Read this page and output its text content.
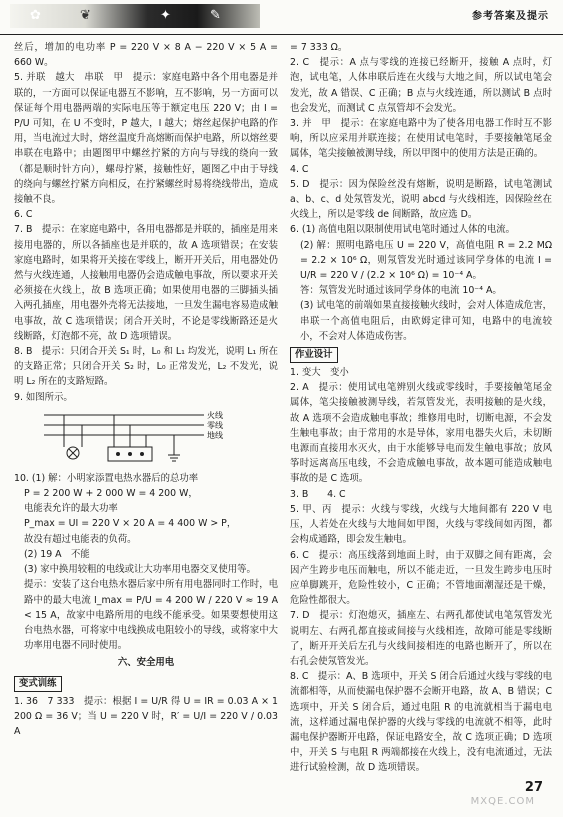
✿	❦	✦	✎	参考答案及提示

丝后，增加的电功率 P = 220 V × 8 A − 220 V × 5 A = 660 W。

5. 并联　越大　串联　甲　提示：家庭电路中各个用电器是并联的，一方面可以保证电器互不影响，互不影响，另一方面可以保证每个用电器两端的实际电压等于额定电压 220 V；由 I = P/U 可知，在 U 不变时，P 越大，I 越大；熔丝起保护电路的作用，当电流过大时，熔丝温度升高熔断而保护电路，所以熔丝要串联在电路中；由题图甲中螺丝拧紧的方向与导线的绕向一致（都是顺时针方向），螺母拧紧，接触性好，题图乙中由于导线的绕向与螺丝拧紧方向相反，在拧紧螺丝时易将绕线带出，造成接触不良。

6. C

7. B　提示：在家庭电路中，各用电器都是并联的，插座是用来接用电器的，所以各插座也是并联的，故 A 选项错误；在安装家庭电路时，如果将开关接在零线上，断开开关后，用电器处仍然与火线连通，人接触用电器仍会造成触电事故，所以要求开关必须接在火线上，故 B 选项正确；如果使用电器的三脚插头插入两孔插座，用电器外壳将无法接地，一旦发生漏电容易造成触电事故，故 C 选项错误；闭合开关时，不论是零线断路还是火线断路，灯泡都不亮，故 D 选项错误。

8. B　提示：只闭合开关 S₁ 时，L₀ 和 L₁ 均发光，说明 L₁ 所在的支路正常；只闭合开关 S₂ 时，L₀ 正常发光，L₂ 不发光，说明 L₂ 所在的支路短路。

9. 如图所示。

火线
零线
地线

10. (1) 解：小明家添置电热水器后的总功率

P = 2 200 W + 2 000 W = 4 200 W，

电能表允许的最大功率

P_max = UI = 220 V × 20 A = 4 400 W > P，

故没有超过电能表的负荷。

(2) 19 A　不能

(3) 家中换用较粗的电线或让大功率用电器交叉使用等。

提示：安装了这台电热水器后家中所有用电器同时工作时，电路中的最大电流 I_max = P/U = 4 200 W / 220 V ≈ 19 A < 15 A，故家中电路所用的电线不能承受。如果要想使用这台电热水器，可将家中电线换成电阻较小的导线，或将家中大功率用电器不同时使用。

六、安全用电
变式训练

1. 36　7 333　提示：根据 I = U/R 得 U = IR = 0.03 A × 1 200 Ω = 36 V；当 U = 220 V 时，R′ = U/I = 220 V / 0.03 A

= 7 333 Ω。

2. C　提示：A 点与零线的连接已经断开，接触 A 点时，灯泡，试电笔，人体串联后连在火线与大地之间，所以试电笔会发光，故 A 错误、C 正确；B 点与火线连通，所以测试 B 点时也会发光，而测试 C 点氖管却不会发光。

3. 并　甲　提示：在家庭电路中为了使各用电器工作时互不影响，所以应采用并联连接；在使用试电笔时，手要接触笔尾金属体，笔尖接触被测导线，所以甲图中的使用方法是正确的。

4. C

5. D　提示：因为保险丝没有熔断，说明是断路，试电笔测试 a、b、c、d 处氖管发光，说明 abcd 与火线相连，因保险丝在火线上，所以是零线 de 间断路，故应选 D。

6. (1) 高值电阻以限制使用试电笔时通过人体的电流。

(2) 解：照明电路电压 U = 220 V，高值电阻 R = 2.2 MΩ = 2.2 × 10⁶ Ω，则氖管发光时通过该同学身体的电流 I = U/R = 220 V / (2.2 × 10⁶ Ω) = 10⁻⁴ A。

答：氖管发光时通过该同学身体的电流 10⁻⁴ A。

(3) 试电笔的前端如果直接接触火线时，会对人体造成危害，串联一个高值电阻后，由欧姆定律可知，电路中的电流较小，不会对人体造成伤害。

作业设计

1. 变大　变小

2. A　提示：使用试电笔辨别火线或零线时，手要接触笔尾金属体，笔尖接触被测导线，若氖管发光，表明接触的是火线，故 A 选项不会造成触电事故；维修用电时，切断电源，不会发生触电事故；由于常用的水是导体，家用电器失火后，未切断电源而直接用水灭火，由于水能够导电而发生触电事故；放风筝时远离高压电线，不会造成触电事故，故本题可能造成触电事故的是 C 选项。

3. B　　4. C

5. 甲、丙　提示：火线与零线，火线与大地间都有 220 V 电压，人若处在火线与大地间如甲图，火线与零线间如丙图，都会构成通路，即会发生触电。

6. C　提示：高压线落到地面上时，由于双脚之间有距离，会因产生跨步电压而触电，所以不能走近，一旦发生跨步电压时应单脚跳开，危险性较小，C 正确；不管地面潮湿还是干燥，危险性都很大。

7. D　提示：灯泡熄灭，插座左、右两孔都使试电笔氖管发光说明左、右两孔都直接或间接与火线相连，故障可能是零线断了，断开开关后左孔与火线间接相连的电路也断开了，所以在右孔会使氖管发光。

8. C　提示：A、B 选项中，开关 S 闭合后通过火线与零线的电流都相等，从而使漏电保护器不会断开电路，故 A、B 错误；C 选项中，开关 S 闭合后，通过电阻 R 的电流就相当于漏电电流，这样通过漏电保护器的火线与零线的电流就不相等，此时漏电保护器断开电路，保证电路安全，故 C 选项正确；D 选项中，开关 S 与电阻 R 两端都接在火线上，没有电流通过，无法进行试验检测，故 D 选项错误。

27
MXQE.COM
